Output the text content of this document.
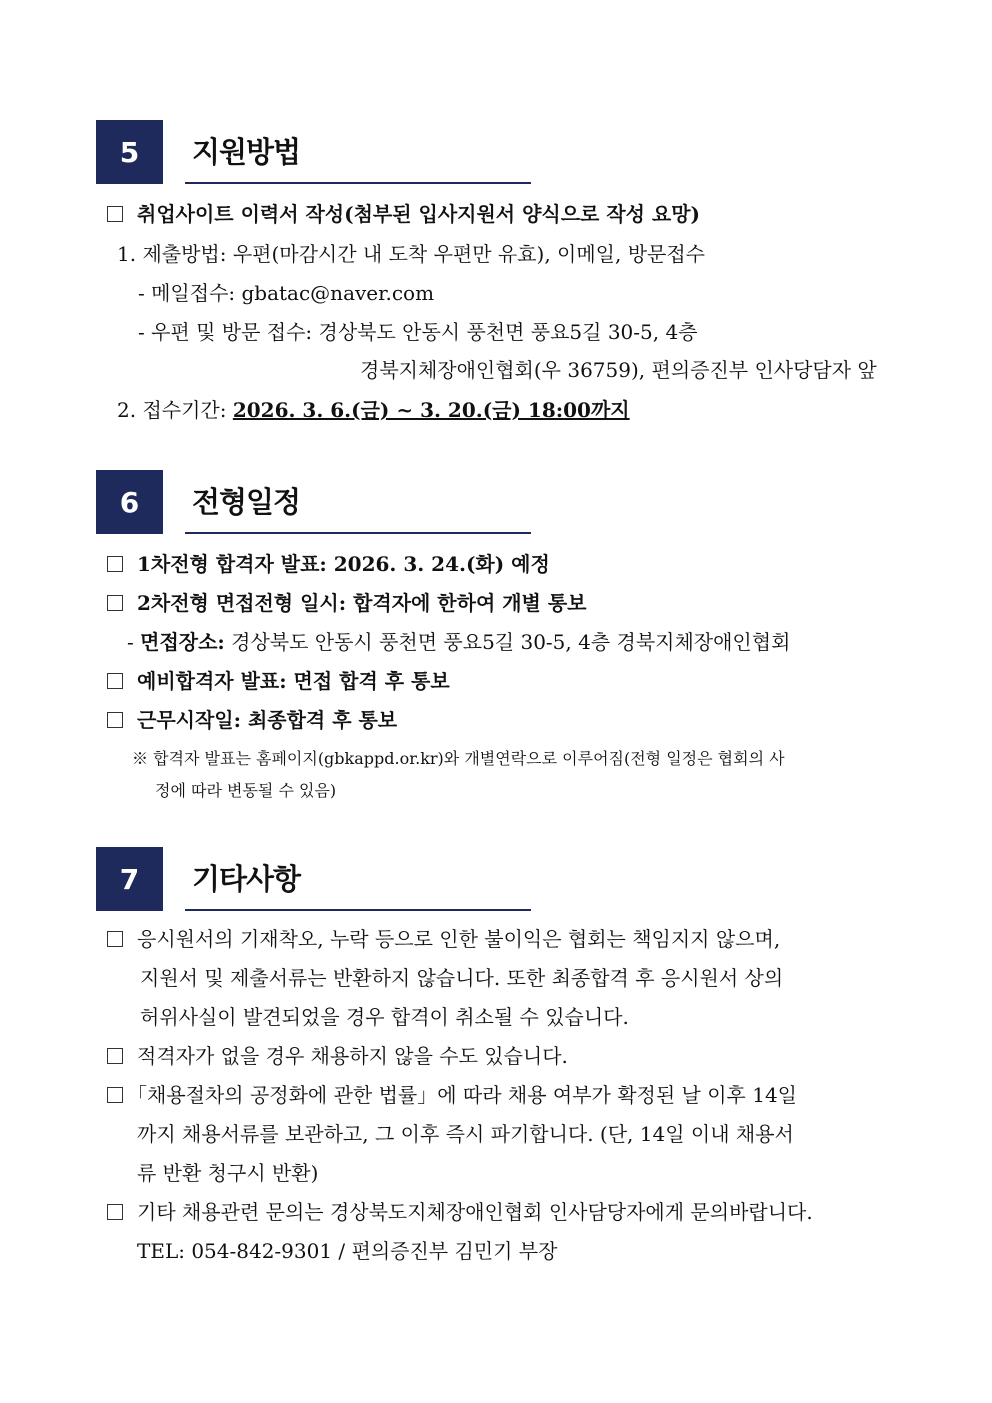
5	지원방법
취업사이트 이력서 작성(첨부된 입사지원서 양식으로 작성 요망)
1. 제출방법: 우편(마감시간 내 도착 우편만 유효), 이메일, 방문접수
- 메일접수: gbatac@naver.com
- 우편 및 방문 접수: 경상북도 안동시 풍천면 풍요5길 30-5, 4층
경북지체장애인협회(우 36759), 편의증진부 인사당담자 앞
2. 접수기간: 2026. 3. 6.(금) ~ 3. 20.(금) 18:00까지
6	전형일정
1차전형 합격자 발표: 2026. 3. 24.(화) 예정
2차전형 면접전형 일시: 합격자에 한하여 개별 통보
- 면접장소: 경상북도 안동시 풍천면 풍요5길 30-5, 4층 경북지체장애인협회
예비합격자 발표: 면접 합격 후 통보
근무시작일: 최종합격 후 통보
※ 합격자 발표는 홈페이지(gbkappd.or.kr)와 개별연락으로 이루어짐(전형 일정은 협회의 사
정에 따라 변동될 수 있음)
7	기타사항
응시원서의 기재착오, 누락 등으로 인한 불이익은 협회는 책임지지 않으며,
지원서 및 제출서류는 반환하지 않습니다. 또한 최종합격 후 응시원서 상의
허위사실이 발견되었을 경우 합격이 취소될 수 있습니다.
적격자가 없을 경우 채용하지 않을 수도 있습니다.
「채용절차의 공정화에 관한 법률」에 따라 채용 여부가 확정된 날 이후 14일
까지 채용서류를 보관하고, 그 이후 즉시 파기합니다. (단, 14일 이내 채용서
류 반환 청구시 반환)
기타 채용관련 문의는 경상북도지체장애인협회 인사담당자에게 문의바랍니다.
TEL: 054-842-9301 / 편의증진부 김민기 부장
